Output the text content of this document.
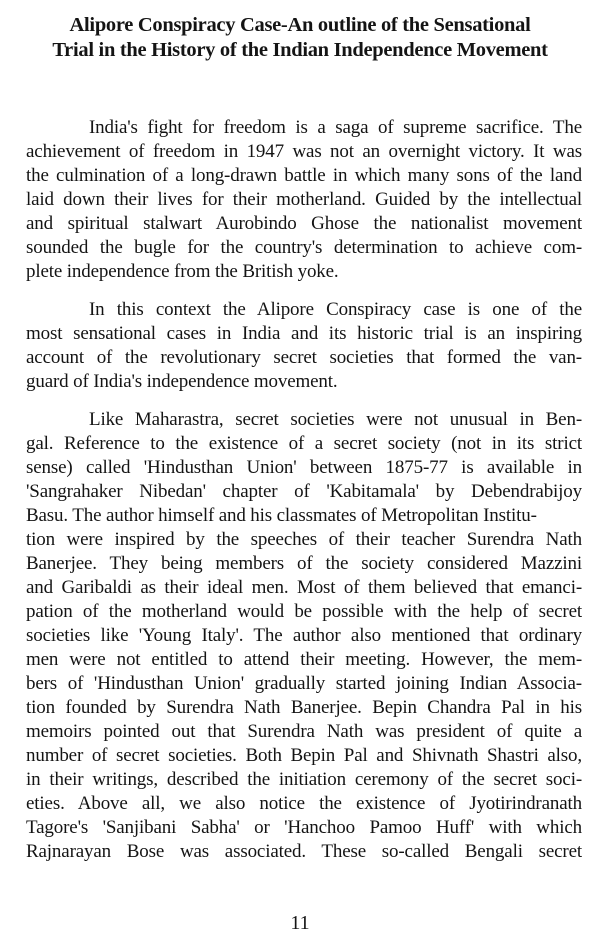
Alipore Conspiracy Case-An outline of the Sensational
Trial in the History of the Indian Independence Movement
India's fight for freedom is a saga of supreme sacrifice. The
achievement of freedom in 1947 was not an overnight victory. It was
the culmination of a long-drawn battle in which many sons of the land
laid down their lives for their motherland. Guided by the intellectual
and spiritual stalwart Aurobindo Ghose the nationalist movement
sounded the bugle for the country's determination to achieve com-
plete independence from the British yoke.
In this context the Alipore Conspiracy case is one of the
most sensational cases in India and its historic trial is an inspiring
account of the revolutionary secret societies that formed the van-
guard of India's independence movement.
Like Maharastra, secret societies were not unusual in Ben-
gal. Reference to the existence of a secret society (not in its strict
sense) called 'Hindusthan Union' between 1875-77 is available in
'Sangrahaker Nibedan' chapter of 'Kabitamala' by Debendrabijoy
Basu. The author himself and his classmates of Metropolitan Institu-
tion were inspired by the speeches of their teacher Surendra Nath
Banerjee. They being members of the society considered Mazzini
and Garibaldi as their ideal men. Most of them believed that emanci-
pation of the motherland would be possible with the help of secret
societies like 'Young Italy'. The author also mentioned that ordinary
men were not entitled to attend their meeting. However, the mem-
bers of 'Hindusthan Union' gradually started joining Indian Associa-
tion founded by Surendra Nath Banerjee. Bepin Chandra Pal in his
memoirs pointed out that Surendra Nath was president of quite a
number of secret societies. Both Bepin Pal and Shivnath Shastri also,
in their writings, described the initiation ceremony of the secret soci-
eties. Above all, we also notice the existence of Jyotirindranath
Tagore's 'Sanjibani Sabha' or 'Hanchoo Pamoo Huff' with which
Rajnarayan Bose was associated. These so-called Bengali secret
11
